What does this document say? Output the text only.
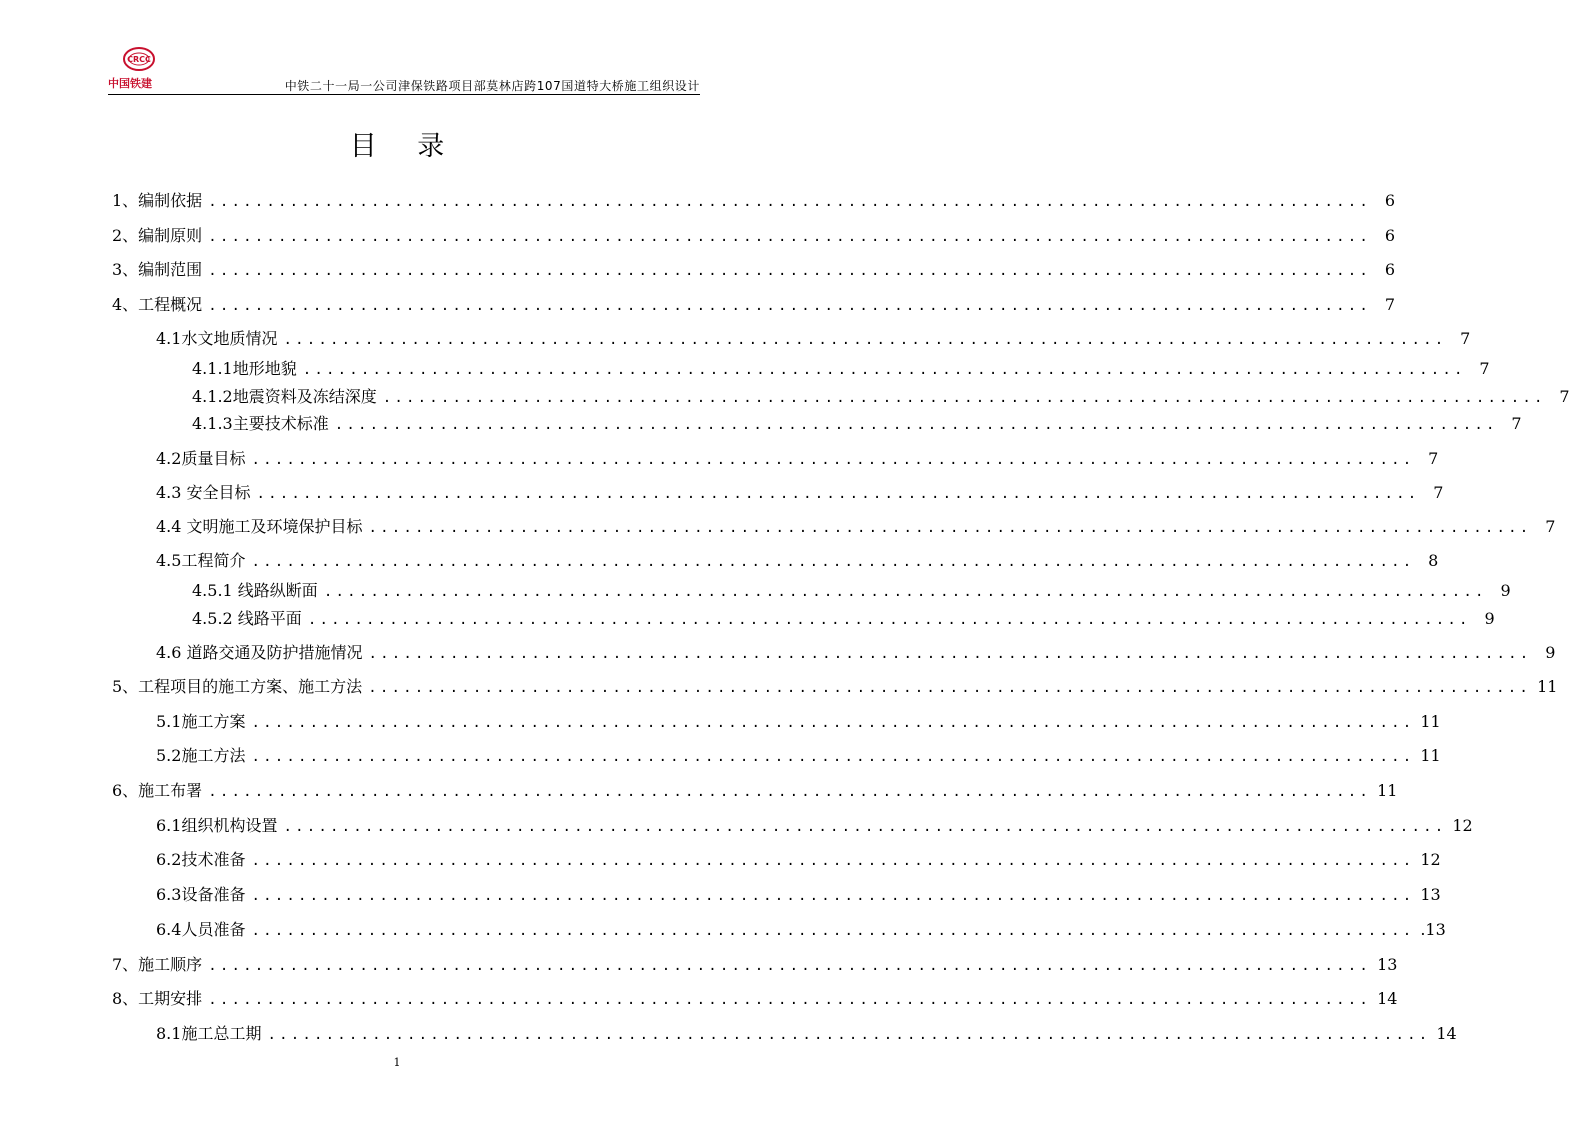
CRCC
中国铁建	中铁二十一局一公司津保铁路项目部莫林店跨107国道特大桥施工组织设计
目 录
1、编制依据 .................................................................................................... 6
2、编制原则 .................................................................................................... 6
3、编制范围 .................................................................................................... 6
4、工程概况 .................................................................................................... 7
4.1水文地质情况 .................................................................................................... 7
4.1.1地形地貌 .................................................................................................... 7
4.1.2地震资料及冻结深度 .................................................................................................... 7
4.1.3主要技术标准 .................................................................................................... 7
4.2质量目标 .................................................................................................... 7
4.3 安全目标 .................................................................................................... 7
4.4 文明施工及环境保护目标 .................................................................................................... 7
4.5工程简介 .................................................................................................... 8
4.5.1 线路纵断面 .................................................................................................... 9
4.5.2 线路平面 .................................................................................................... 9
4.6 道路交通及防护措施情况 .................................................................................................... 9
5、工程项目的施工方案、施工方法 .................................................................................................... 11
5.1施工方案 .................................................................................................... 11
5.2施工方法 .................................................................................................... 11
6、施工布署 .................................................................................................... 11
6.1组织机构设置 .................................................................................................... 12
6.2技术准备 .................................................................................................... 12
6.3设备准备 .................................................................................................... 13
6.4人员准备 .................................................................................................... .13
7、施工顺序 .................................................................................................... 13
8、工期安排 .................................................................................................... 14
8.1施工总工期 .................................................................................................... 14
1
